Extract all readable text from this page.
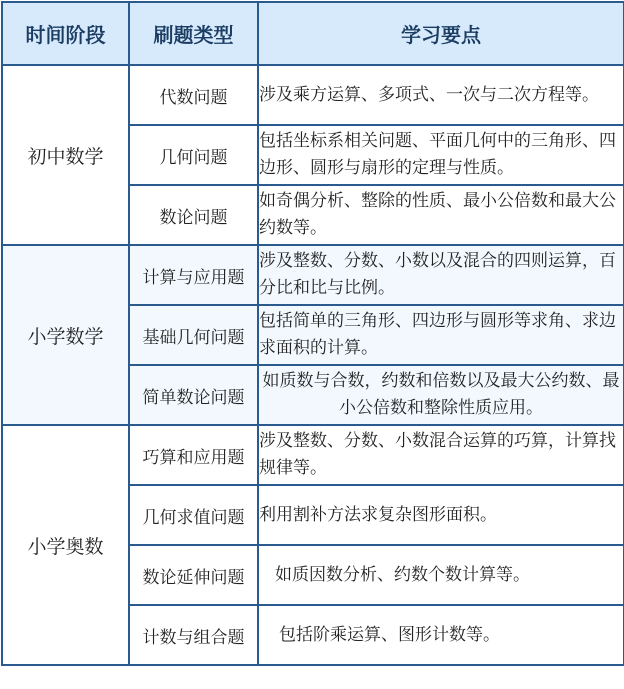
时间阶段	刷题类型	学习要点
初中数学	代数问题	涉及乘方运算、多项式、一次与二次方程等。
	几何问题	包括坐标系相关问题、平面几何中的三角形、四边形、圆形与扇形的定理与性质。
	数论问题	如奇偶分析、整除的性质、最小公倍数和最大公约数等。
小学数学	计算与应用题	涉及整数、分数、小数以及混合的四则运算，百分比和比与比例。
	基础几何问题	包括简单的三角形、四边形与圆形等求角、求边求面积的计算。
	简单数论问题	如质数与合数，约数和倍数以及最大公约数、最小公倍数和整除性质应用。
小学奥数	巧算和应用题	涉及整数、分数、小数混合运算的巧算，计算找规律等。
	几何求值问题	利用割补方法求复杂图形面积。
	数论延伸问题	如质因数分析、约数个数计算等。
	计数与组合题	包括阶乘运算、图形计数等。
